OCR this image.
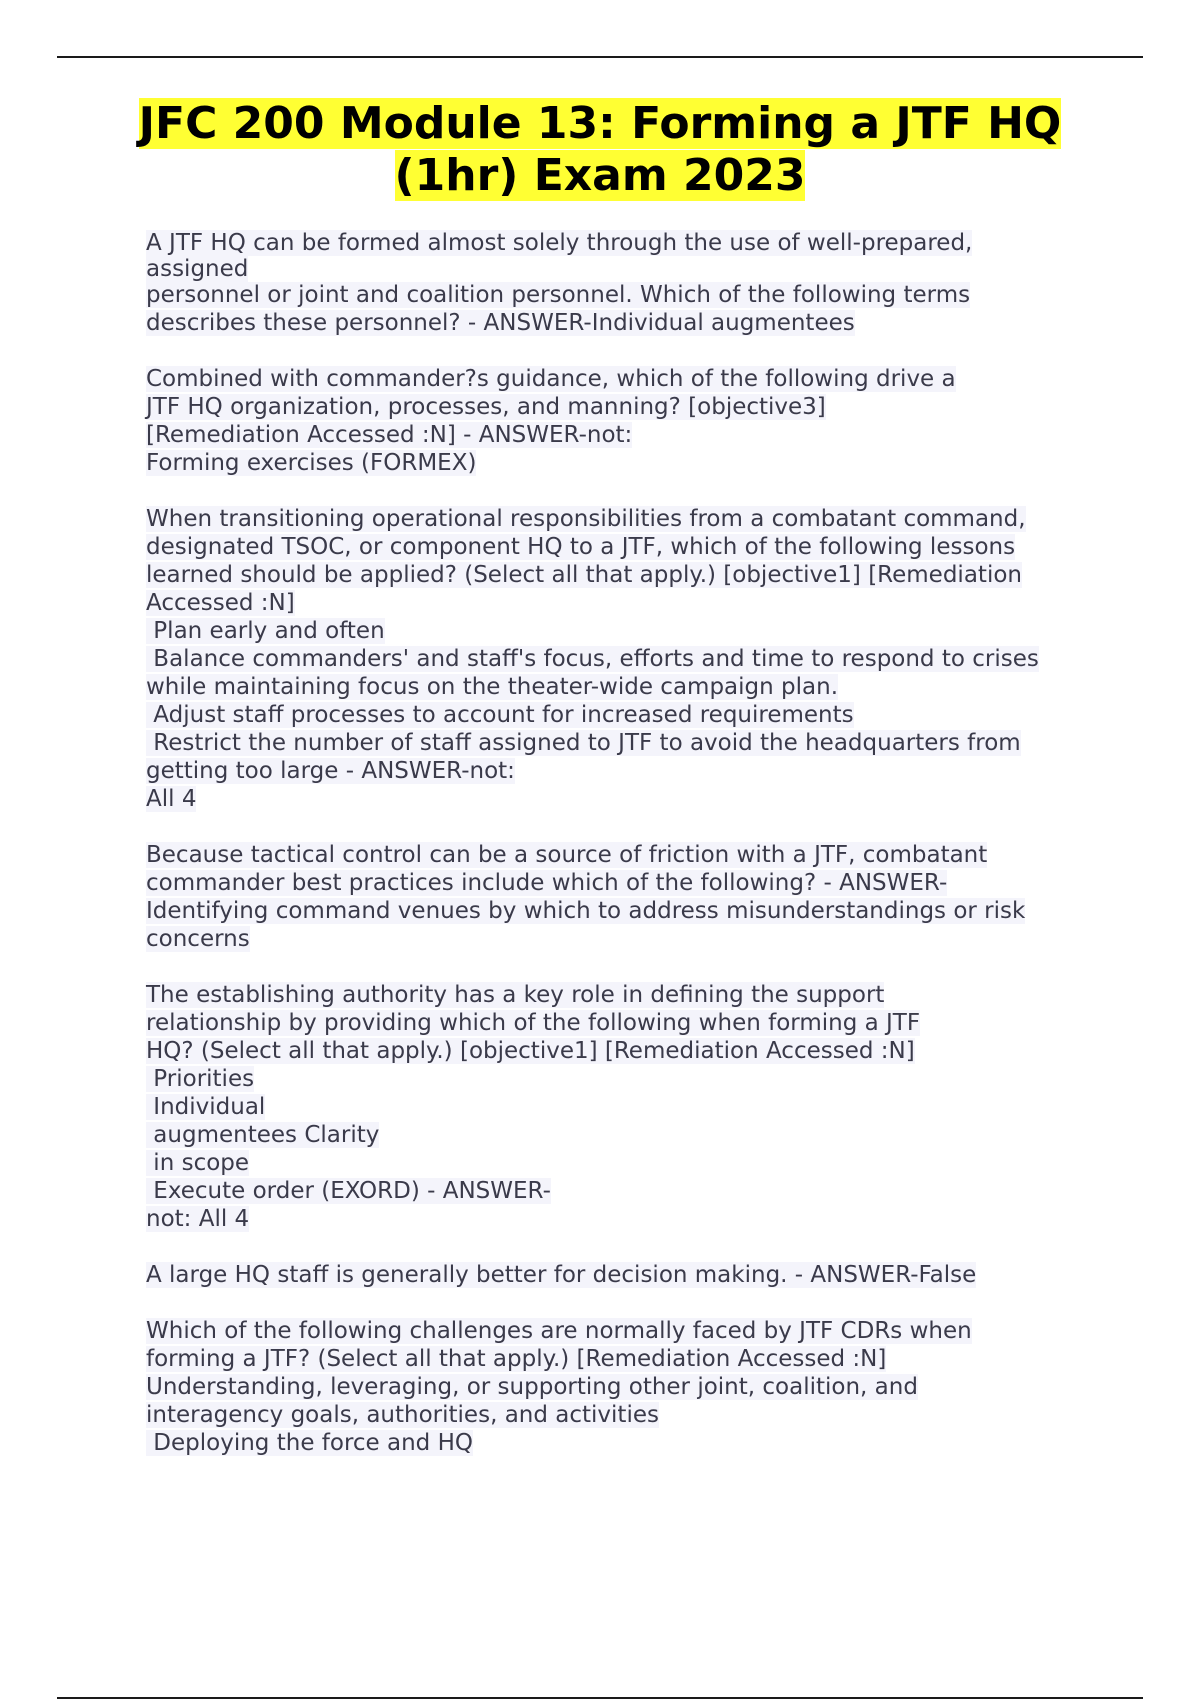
JFC 200 Module 13: Forming a JTF HQ
(1hr) Exam 2023
A JTF HQ can be formed almost solely through the use of well-prepared,
assigned
personnel or joint and coalition personnel. Which of the following terms
describes these personnel? - ANSWER-Individual augmentees
Combined with commander?s guidance, which of the following drive a
JTF HQ organization, processes, and manning? [objective3]
[Remediation Accessed :N] - ANSWER-not:
Forming exercises (FORMEX)
When transitioning operational responsibilities from a combatant command,
designated TSOC, or component HQ to a JTF, which of the following lessons
learned should be applied? (Select all that apply.) [objective1] [Remediation
Accessed :N]
Plan early and often
Balance commanders' and staff's focus, efforts and time to respond to crises
while maintaining focus on the theater-wide campaign plan.
Adjust staff processes to account for increased requirements
Restrict the number of staff assigned to JTF to avoid the headquarters from
getting too large - ANSWER-not:
All 4
Because tactical control can be a source of friction with a JTF, combatant
commander best practices include which of the following? - ANSWER-
Identifying command venues by which to address misunderstandings or risk
concerns
The establishing authority has a key role in defining the support
relationship by providing which of the following when forming a JTF
HQ? (Select all that apply.) [objective1] [Remediation Accessed :N]
Priorities
Individual
augmentees Clarity
in scope
Execute order (EXORD) - ANSWER-
not: All 4
A large HQ staff is generally better for decision making. - ANSWER-False
Which of the following challenges are normally faced by JTF CDRs when
forming a JTF? (Select all that apply.) [Remediation Accessed :N]
Understanding, leveraging, or supporting other joint, coalition, and
interagency goals, authorities, and activities
Deploying the force and HQ
